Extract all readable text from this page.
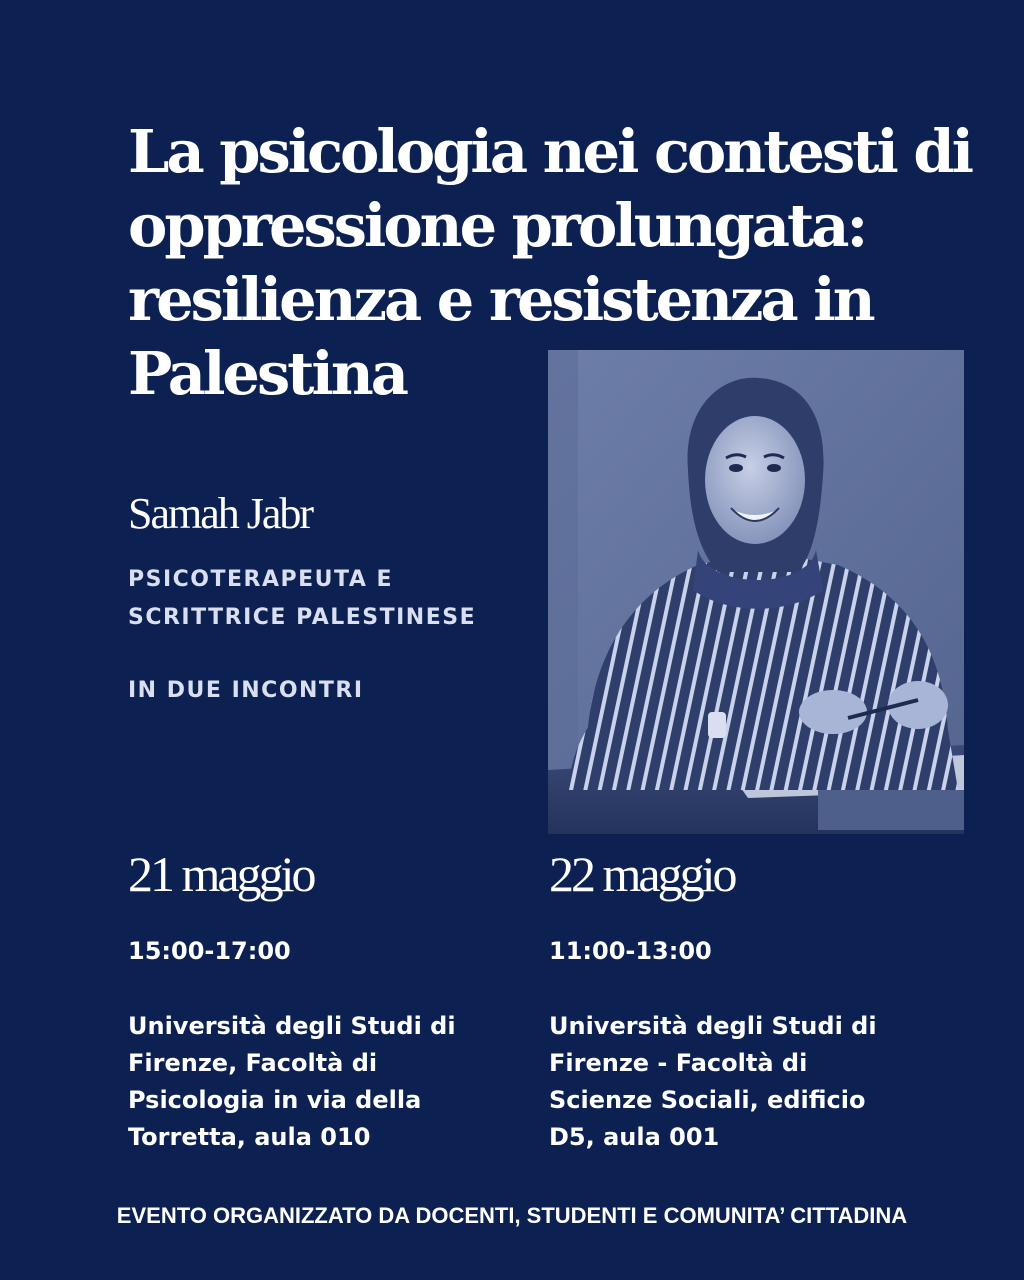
La psicologia nei contesti di
oppressione prolungata:
resilienza e resistenza in
Palestina
Samah Jabr
PSICOTERAPEUTA E
SCRITTRICE PALESTINESE
IN DUE INCONTRI
21 maggio
15:00-17:00
Università degli Studi di
Firenze, Facoltà di
Psicologia in via della
Torretta, aula 010
22 maggio
11:00-13:00
Università degli Studi di
Firenze - Facoltà di
Scienze Sociali, edificio
D5, aula 001
EVENTO ORGANIZZATO DA DOCENTI, STUDENTI E COMUNITA’ CITTADINA
